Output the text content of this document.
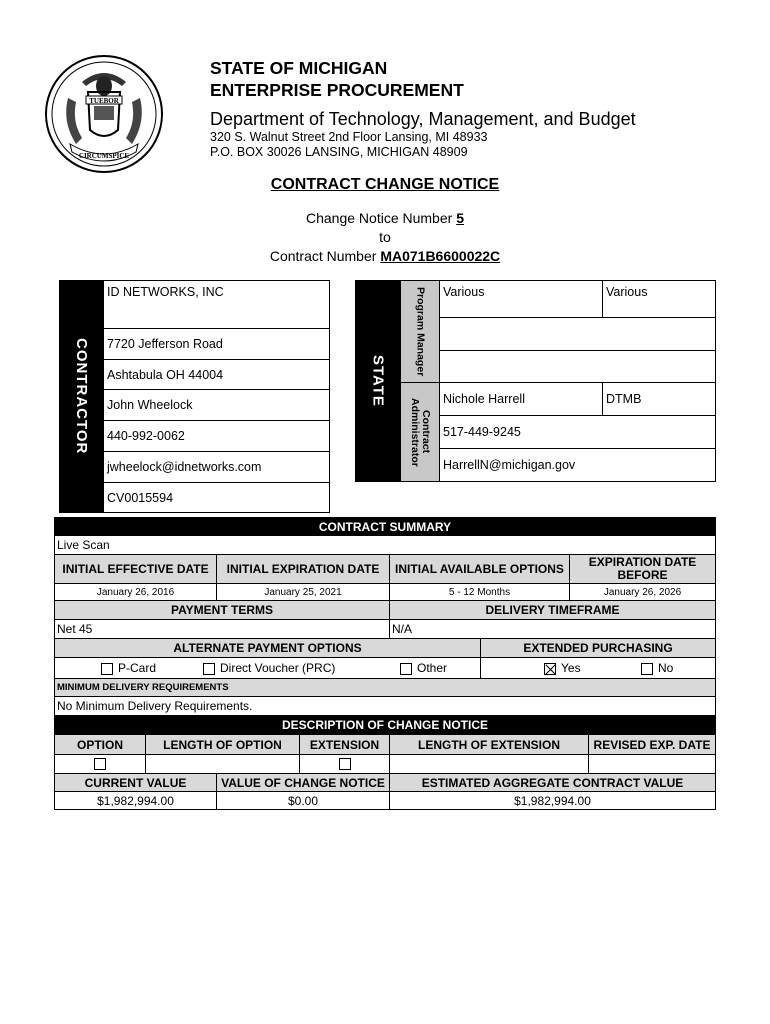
TUEBOR
CIRCUMSPICE
STATE OF MICHIGAN
ENTERPRISE PROCUREMENT
Department of Technology, Management, and Budget
320 S. Walnut Street 2nd Floor Lansing, MI 48933
P.O. BOX 30026 LANSING, MICHIGAN 48909
CONTRACT CHANGE NOTICE
Change Notice Number 5
to
Contract Number MA071B6600022C
CONTRACTOR
ID NETWORKS, INC
7720 Jefferson Road
Ashtabula OH 44004
John Wheelock
440-992-0062
jwheelock@idnetworks.com
CV0015594
STATE
Program Manager
Contract Administrator
Various	Various
Nichole Harrell	DTMB
517-449-9245
HarrellN@michigan.gov
CONTRACT SUMMARY
Live Scan
INITIAL EFFECTIVE DATE	INITIAL EXPIRATION DATE	INITIAL AVAILABLE OPTIONS	EXPIRATION DATE BEFORE
January 26, 2016	January 25, 2021	5 - 12 Months	January 26, 2026
PAYMENT TERMS	DELIVERY TIMEFRAME
Net 45	N/A
ALTERNATE PAYMENT OPTIONS	EXTENDED PURCHASING
P-Card	Direct Voucher (PRC)	Other	Yes	No
MINIMUM DELIVERY REQUIREMENTS
No Minimum Delivery Requirements.
DESCRIPTION OF CHANGE NOTICE
OPTION	LENGTH OF OPTION	EXTENSION	LENGTH OF EXTENSION	REVISED EXP. DATE
CURRENT VALUE	VALUE OF CHANGE NOTICE	ESTIMATED AGGREGATE CONTRACT VALUE
$1,982,994.00	$0.00	$1,982,994.00
